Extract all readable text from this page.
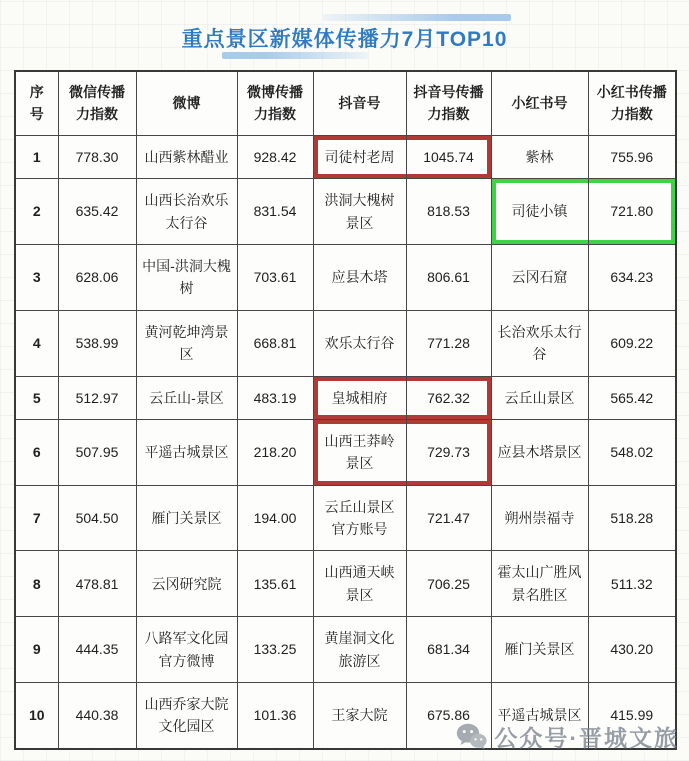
重点景区新媒体传播力7月TOP10
序号	微信传播力指数	微博	微博传播力指数	抖音号	抖音号传播力指数	小红书号	小红书传播力指数
1	778.30	山西紫林醋业	928.42	司徒村老周	1045.74	紫林	755.96
2	635.42	山西长治欢乐太行谷	831.54	洪洞大槐树景区	818.53	司徒小镇	721.80
3	628.06	中国-洪洞大槐树	703.61	应县木塔	806.61	云冈石窟	634.23
4	538.99	黄河乾坤湾景区	668.81	欢乐太行谷	771.28	长治欢乐太行谷	609.22
5	512.97	云丘山-景区	483.19	皇城相府	762.32	云丘山景区	565.42
6	507.95	平遥古城景区	218.20	山西王莽岭景区	729.73	应县木塔景区	548.02
7	504.50	雁门关景区	194.00	云丘山景区官方账号	721.47	朔州崇福寺	518.28
8	478.81	云冈研究院	135.61	山西通天峡景区	706.25	霍太山广胜风景名胜区	511.32
9	444.35	八路军文化园官方微博	133.25	黄崖洞文化旅游区	681.34	雁门关景区	430.20
10	440.38	山西乔家大院文化园区	101.36	王家大院	675.86	平遥古城景区	415.99
公众号·晋城文旅
